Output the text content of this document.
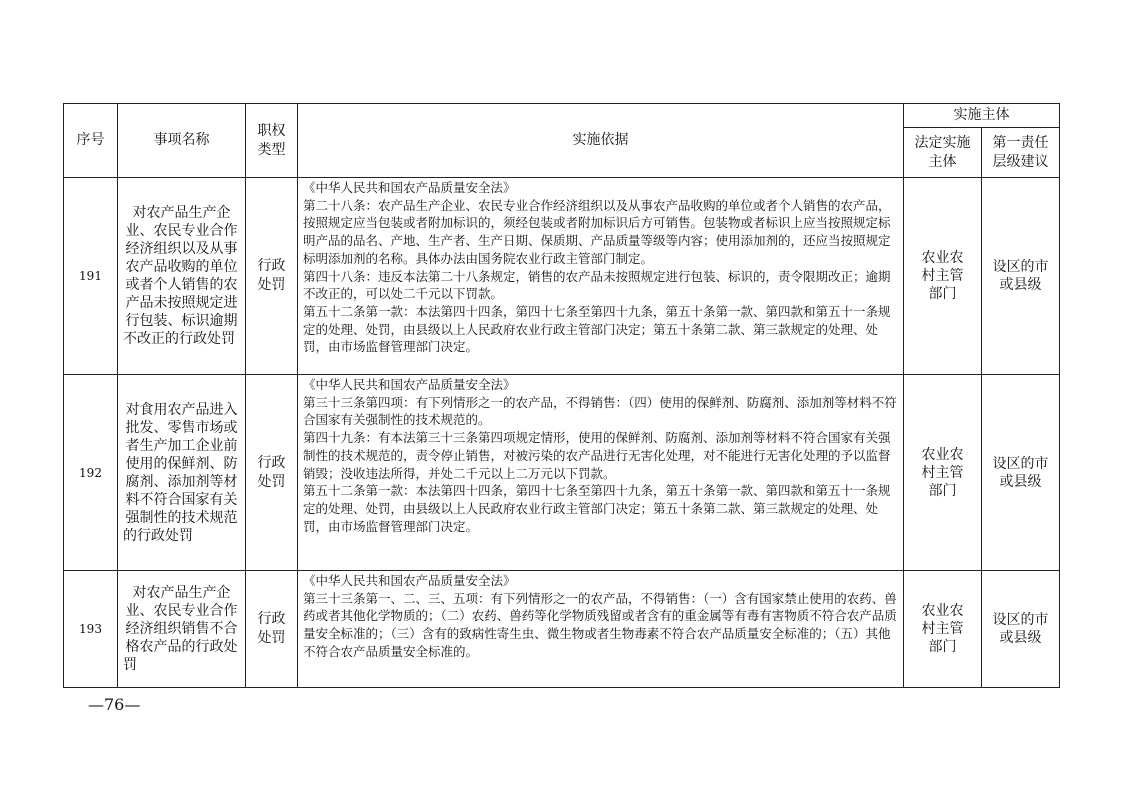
序号	事项名称	职权类型	实施依据	实施主体	

				法定实施主体	第一责任层级建议

191	对农产品生产企业、农民专业合作经济组织以及从事农产品收购的单位或者个人销售的农产品未按照规定进行包装、标识逾期不改正的行政处罚	行政处罚	《中华人民共和国农产品质量安全法》
第二十八条：农产品生产企业、农民专业合作经济组织以及从事农产品收购的单位或者个人销售的农产品，按照规定应当包装或者附加标识的，须经包装或者附加标识后方可销售。包装物或者标识上应当按照规定标明产品的品名、产地、生产者、生产日期、保质期、产品质量等级等内容；使用添加剂的，还应当按照规定标明添加剂的名称。具体办法由国务院农业行政主管部门制定。
第四十八条：违反本法第二十八条规定，销售的农产品未按照规定进行包装、标识的，责令限期改正；逾期不改正的，可以处二千元以下罚款。
第五十二条第一款：本法第四十四条，第四十七条至第四十九条，第五十条第一款、第四款和第五十一条规定的处理、处罚，由县级以上人民政府农业行政主管部门决定；第五十条第二款、第三款规定的处理、处罚，由市场监督管理部门决定。	农业农村主管部门	设区的市或县级

192	对食用农产品进入批发、零售市场或者生产加工企业前使用的保鲜剂、防腐剂、添加剂等材料不符合国家有关强制性的技术规范的行政处罚	行政处罚	《中华人民共和国农产品质量安全法》
第三十三条第四项：有下列情形之一的农产品，不得销售：（四）使用的保鲜剂、防腐剂、添加剂等材料不符合国家有关强制性的技术规范的。
第四十九条：有本法第三十三条第四项规定情形，使用的保鲜剂、防腐剂、添加剂等材料不符合国家有关强制性的技术规范的，责令停止销售，对被污染的农产品进行无害化处理，对不能进行无害化处理的予以监督销毁；没收违法所得，并处二千元以上二万元以下罚款。
第五十二条第一款：本法第四十四条，第四十七条至第四十九条，第五十条第一款、第四款和第五十一条规定的处理、处罚，由县级以上人民政府农业行政主管部门决定；第五十条第二款、第三款规定的处理、处罚，由市场监督管理部门决定。	农业农村主管部门	设区的市或县级

193	对农产品生产企业、农民专业合作经济组织销售不合格农产品的行政处罚	行政处罚	《中华人民共和国农产品质量安全法》
第三十三条第一、二、三、五项：有下列情形之一的农产品，不得销售：（一）含有国家禁止使用的农药、兽药或者其他化学物质的；（二）农药、兽药等化学物质残留或者含有的重金属等有毒有害物质不符合农产品质量安全标准的；（三）含有的致病性寄生虫、微生物或者生物毒素不符合农产品质量安全标准的；（五）其他不符合农产品质量安全标准的。	农业农村主管部门	设区的市或县级
—76—
